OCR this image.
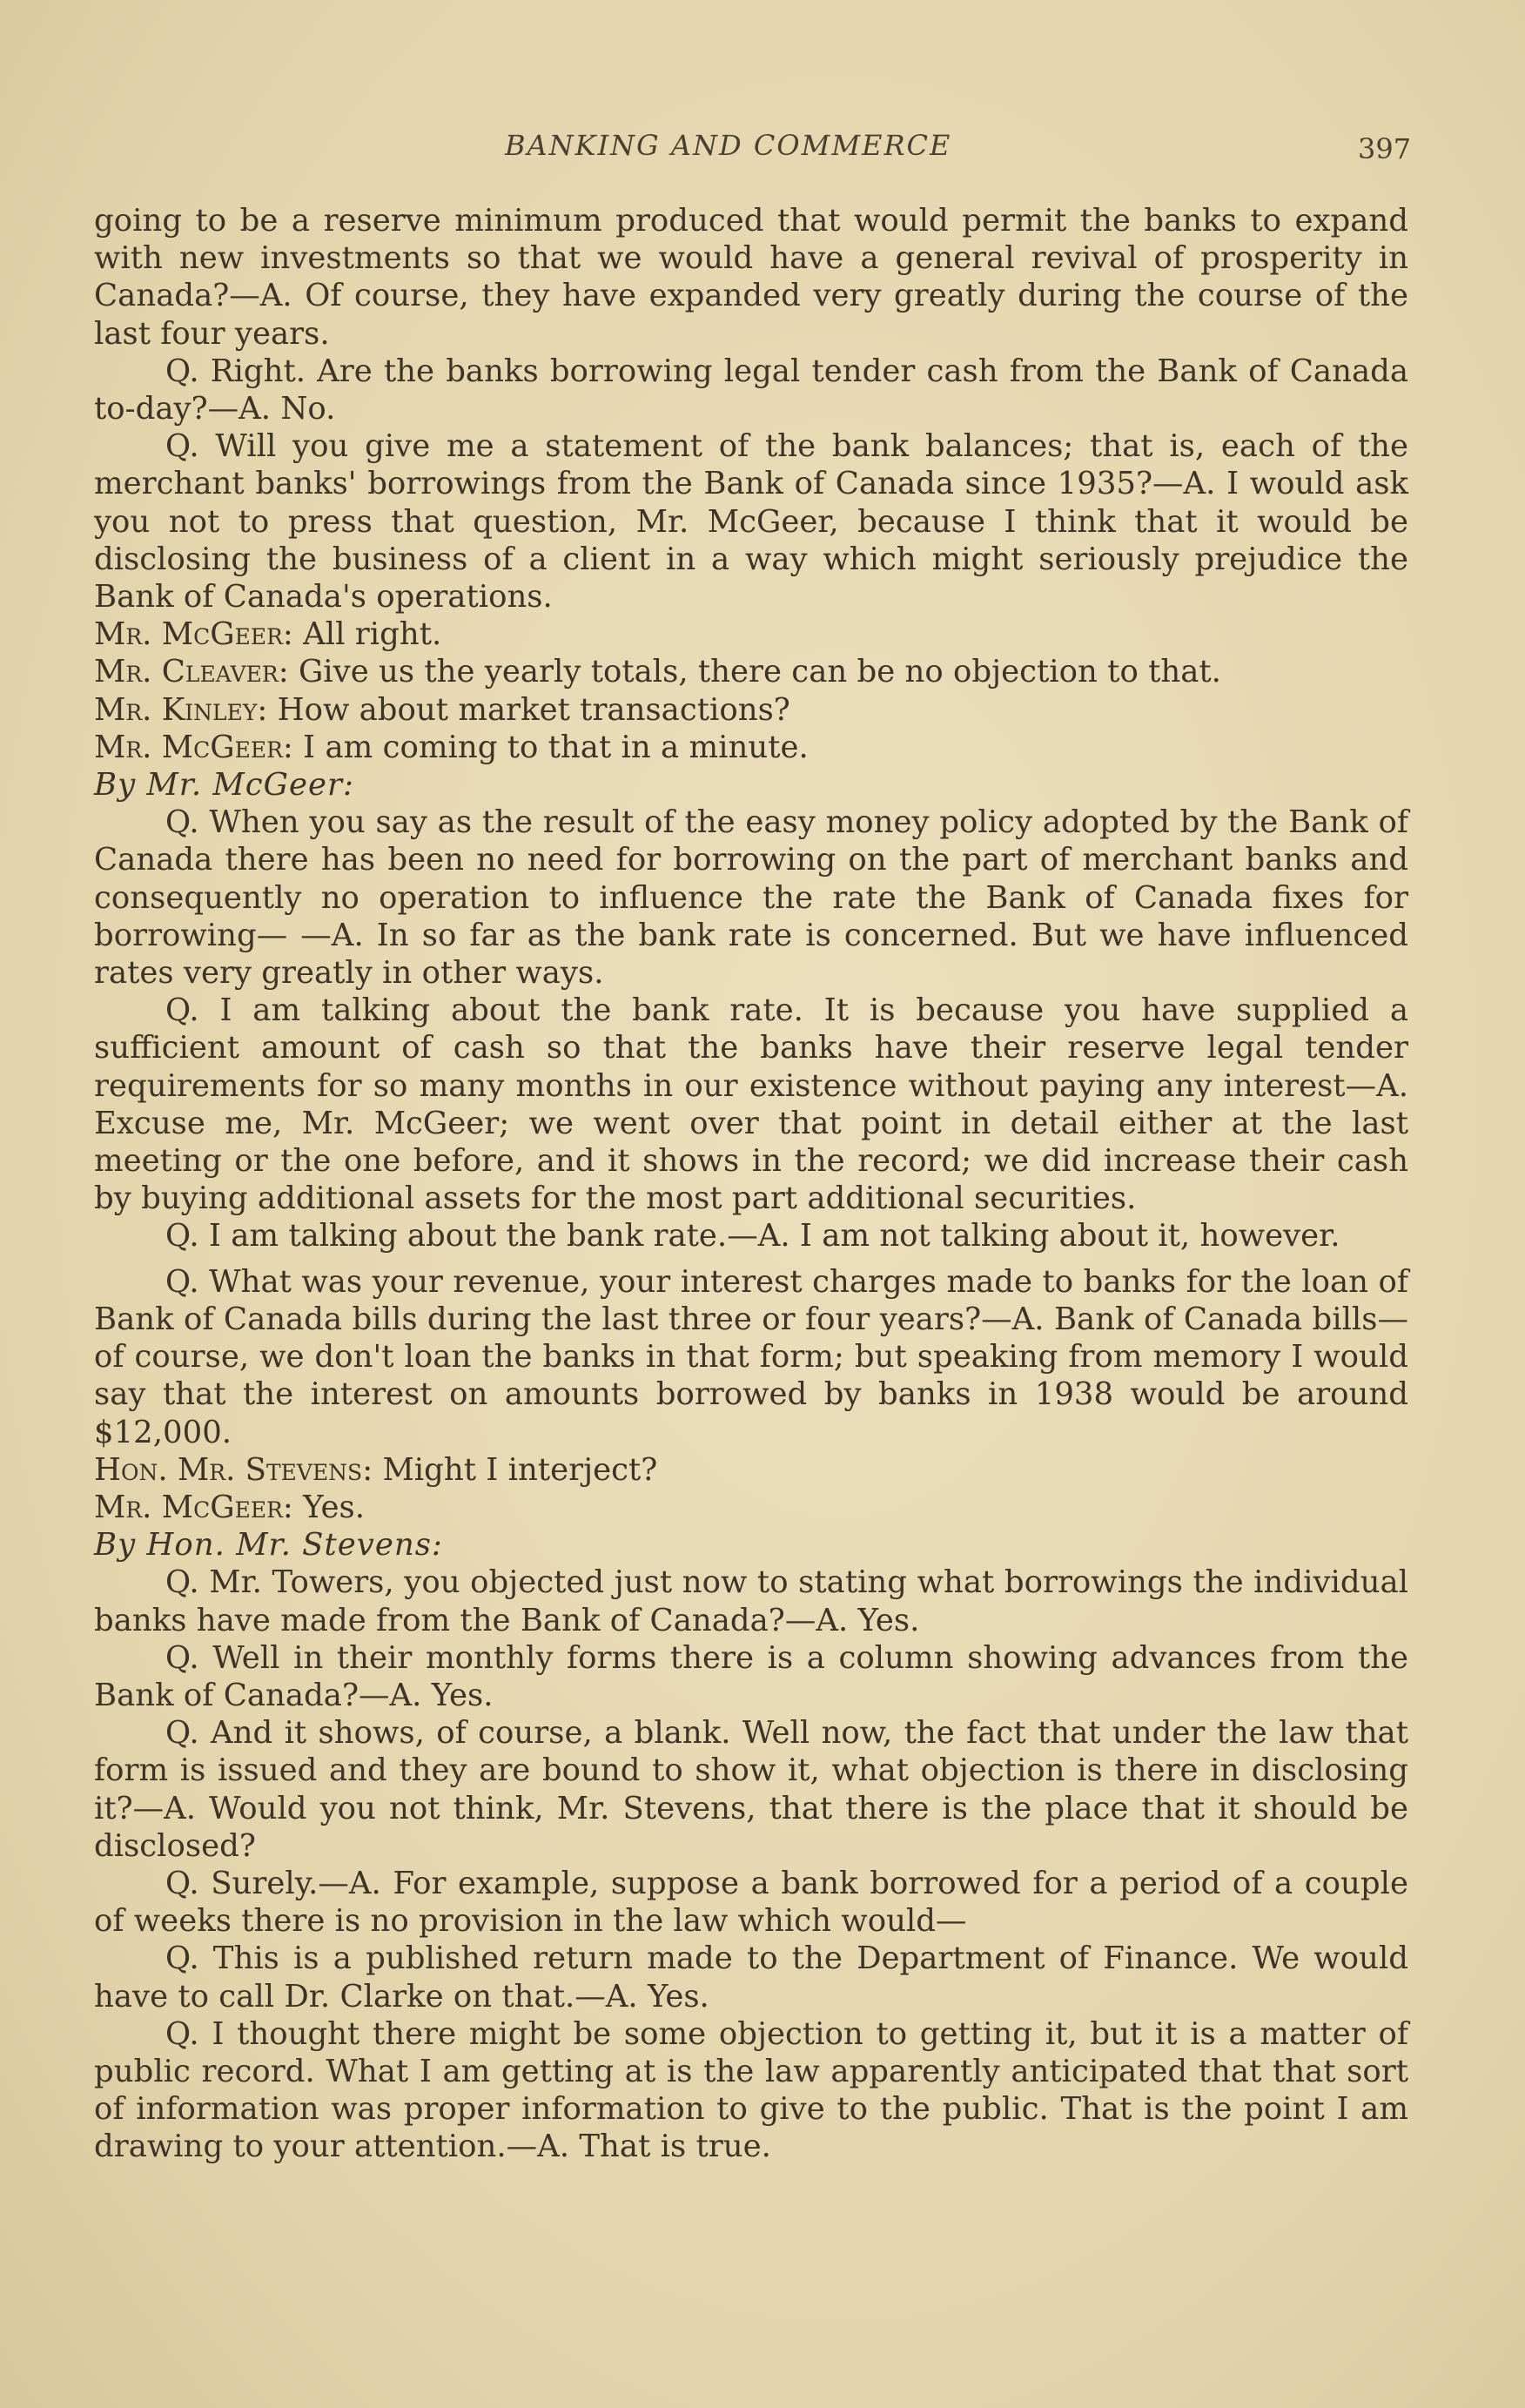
BANKING AND COMMERCE	397

going to be a reserve minimum produced that would permit the banks to expand with new investments so that we would have a general revival of prosperity in Canada?—A. Of course, they have expanded very greatly during the course of the last four years.

Q. Right. Are the banks borrowing legal tender cash from the Bank of Canada to-day?—A. No.

Q. Will you give me a statement of the bank balances; that is, each of the merchant banks' borrowings from the Bank of Canada since 1935?—A. I would ask you not to press that question, Mr. McGeer, because I think that it would be disclosing the business of a client in a way which might seriously prejudice the Bank of Canada's operations.

Mr. McGeer: All right.

Mr. Cleaver: Give us the yearly totals, there can be no objection to that.

Mr. Kinley: How about market transactions?

Mr. McGeer: I am coming to that in a minute.

By Mr. McGeer:

Q. When you say as the result of the easy money policy adopted by the Bank of Canada there has been no need for borrowing on the part of merchant banks and consequently no operation to influence the rate the Bank of Canada fixes for borrowing— —A. In so far as the bank rate is concerned. But we have influenced rates very greatly in other ways.

Q. I am talking about the bank rate. It is because you have supplied a sufficient amount of cash so that the banks have their reserve legal tender requirements for so many months in our existence without paying any interest—A. Excuse me, Mr. McGeer; we went over that point in detail either at the last meeting or the one before, and it shows in the record; we did increase their cash by buying additional assets for the most part additional securities.

Q. I am talking about the bank rate.—A. I am not talking about it, however.

Q. What was your revenue, your interest charges made to banks for the loan of Bank of Canada bills during the last three or four years?—A. Bank of Canada bills—of course, we don't loan the banks in that form; but speaking from memory I would say that the interest on amounts borrowed by banks in 1938 would be around $12,000.

Hon. Mr. Stevens: Might I interject?

Mr. McGeer: Yes.

By Hon. Mr. Stevens:

Q. Mr. Towers, you objected just now to stating what borrowings the individual banks have made from the Bank of Canada?—A. Yes.

Q. Well in their monthly forms there is a column showing advances from the Bank of Canada?—A. Yes.

Q. And it shows, of course, a blank. Well now, the fact that under the law that form is issued and they are bound to show it, what objection is there in disclosing it?—A. Would you not think, Mr. Stevens, that there is the place that it should be disclosed?

Q. Surely.—A. For example, suppose a bank borrowed for a period of a couple of weeks there is no provision in the law which would—

Q. This is a published return made to the Department of Finance. We would have to call Dr. Clarke on that.—A. Yes.

Q. I thought there might be some objection to getting it, but it is a matter of public record. What I am getting at is the law apparently anticipated that that sort of information was proper information to give to the public. That is the point I am drawing to your attention.—A. That is true.
